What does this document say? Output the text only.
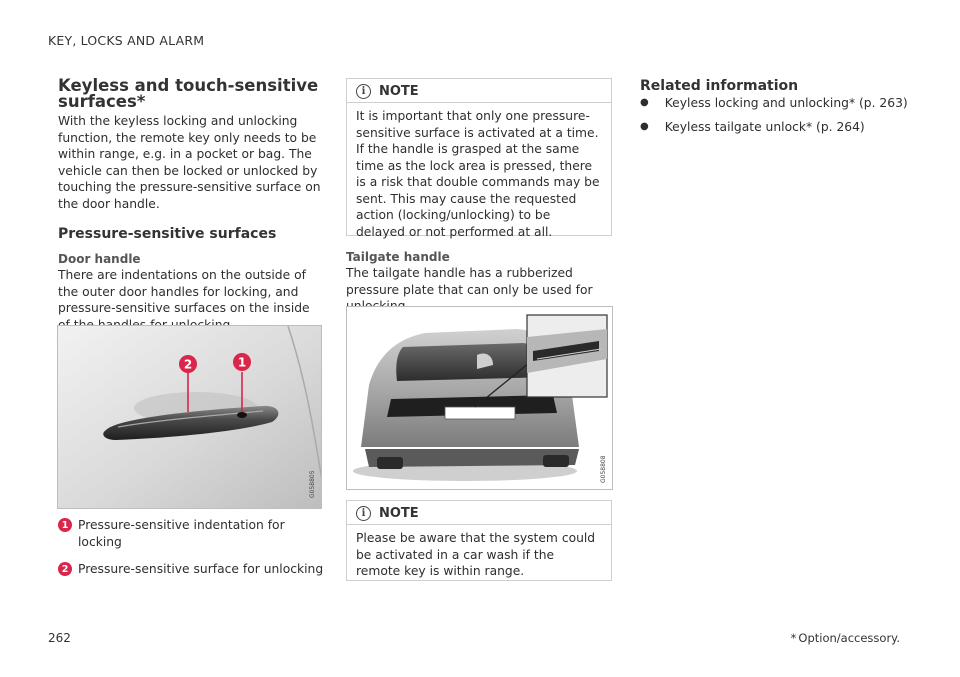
KEY, LOCKS AND ALARM
Keyless and touch-sensitive surfaces*

With the keyless locking and unlocking function, the remote key only needs to be within range, e.g. in a pocket or bag. The vehicle can then be locked or unlocked by touching the pressure-sensitive surface on the door handle.

Pressure-sensitive surfaces
Door handle

There are indentations on the outside of the outer door handles for locking, and pressure-sensitive surfaces on the inside

2	1
G058805
1 Pressure-sensitive indentation for locking
2 Pressure-sensitive surface for unlocking
i	NOTE

It is important that only one pressure-sensitive surface is activated at a time. If the handle is grasped at the same time as the lock area is pressed, there is a risk that double commands may be sent. This may cause the requested action (locking/unlocking) to be delayed or not performed at all.

Tailgate handle

The tailgate handle has a rubberized pressure plate that can only be used for

G058808
i	NOTE

Please be aware that the system could be activated in a car wash if the remote key is within range.

Related information
● Keyless locking and unlocking* (p. 263)
● Keyless tailgate unlock* (p. 264)
262	* Option/accessory.
